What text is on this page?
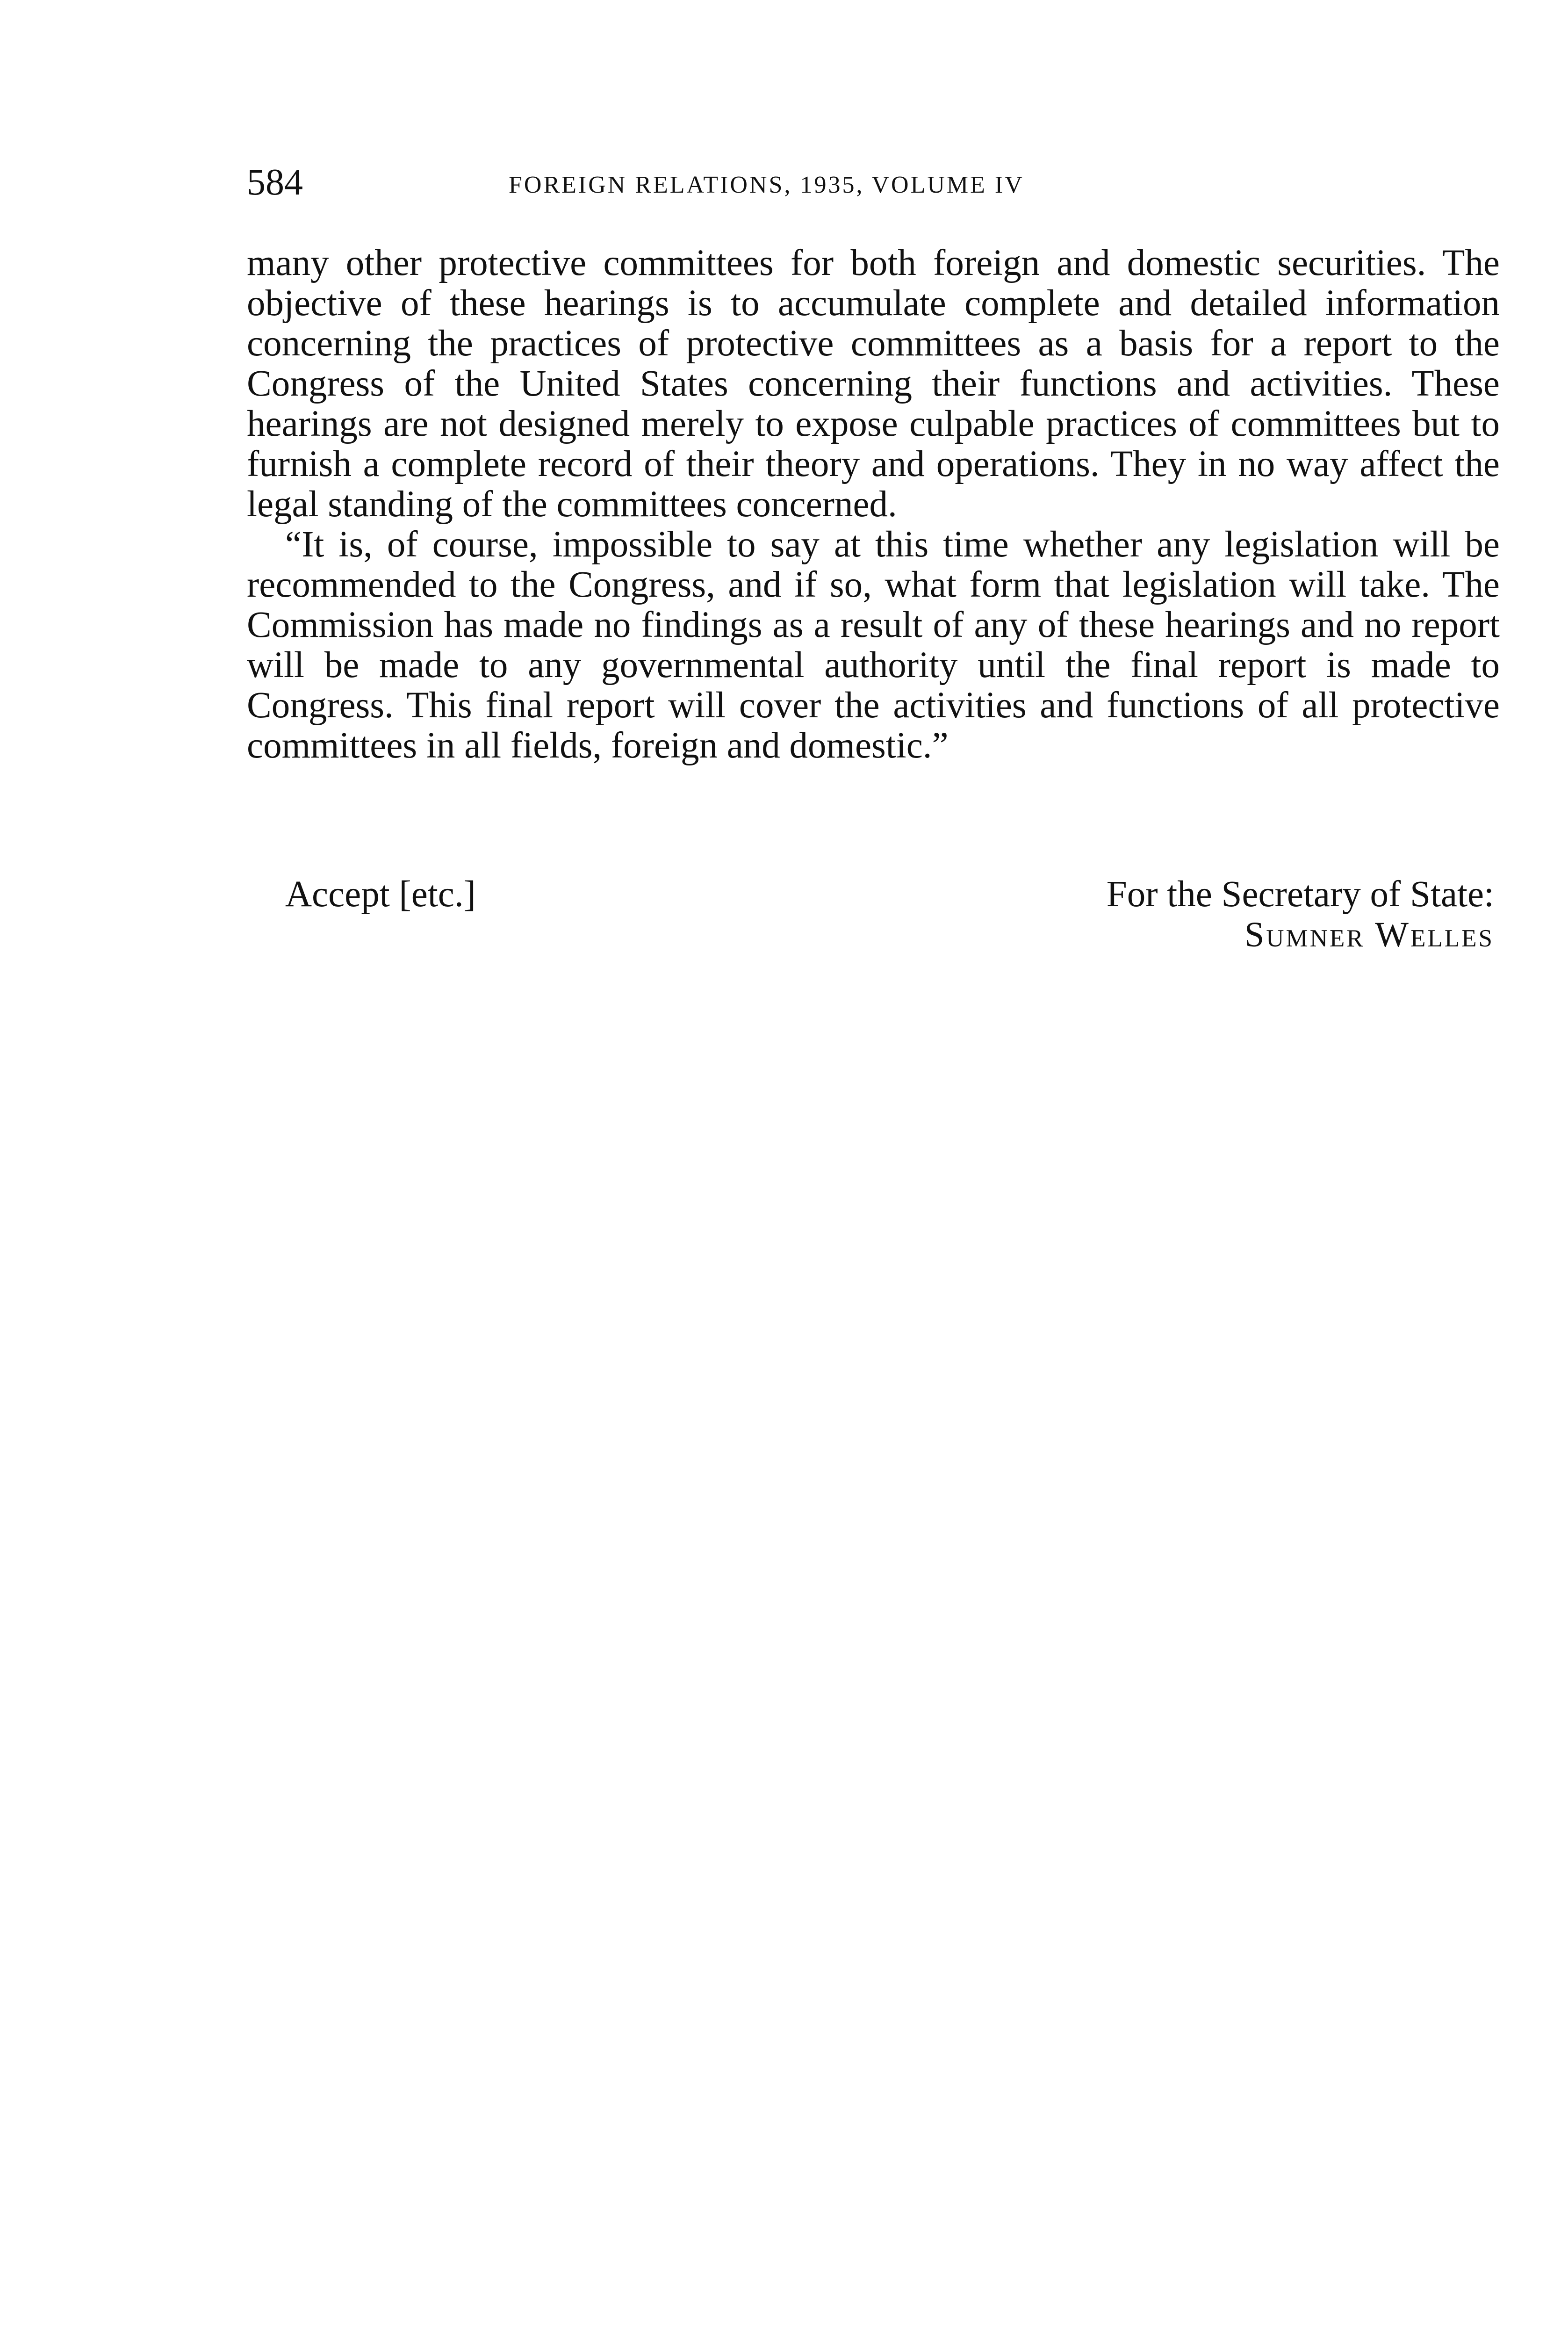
584	FOREIGN RELATIONS, 1935, VOLUME IV

many other protective committees for both foreign and domestic securities. The objective of these hearings is to accumulate complete and detailed information concerning the practices of protective committees as a basis for a report to the Congress of the United States concerning their functions and activities. These hearings are not designed merely to expose culpable practices of committees but to furnish a complete record of their theory and operations. They in no way affect the legal standing of the committees concerned.

“It is, of course, impossible to say at this time whether any legislation will be recommended to the Congress, and if so, what form that legislation will take. The Commission has made no findings as a result of any of these hearings and no report will be made to any governmental authority until the final report is made to Congress. This final report will cover the activities and functions of all protective committees in all fields, foreign and domestic.”

Accept [etc.]	For the Secretary of State:
Sumner Welles
